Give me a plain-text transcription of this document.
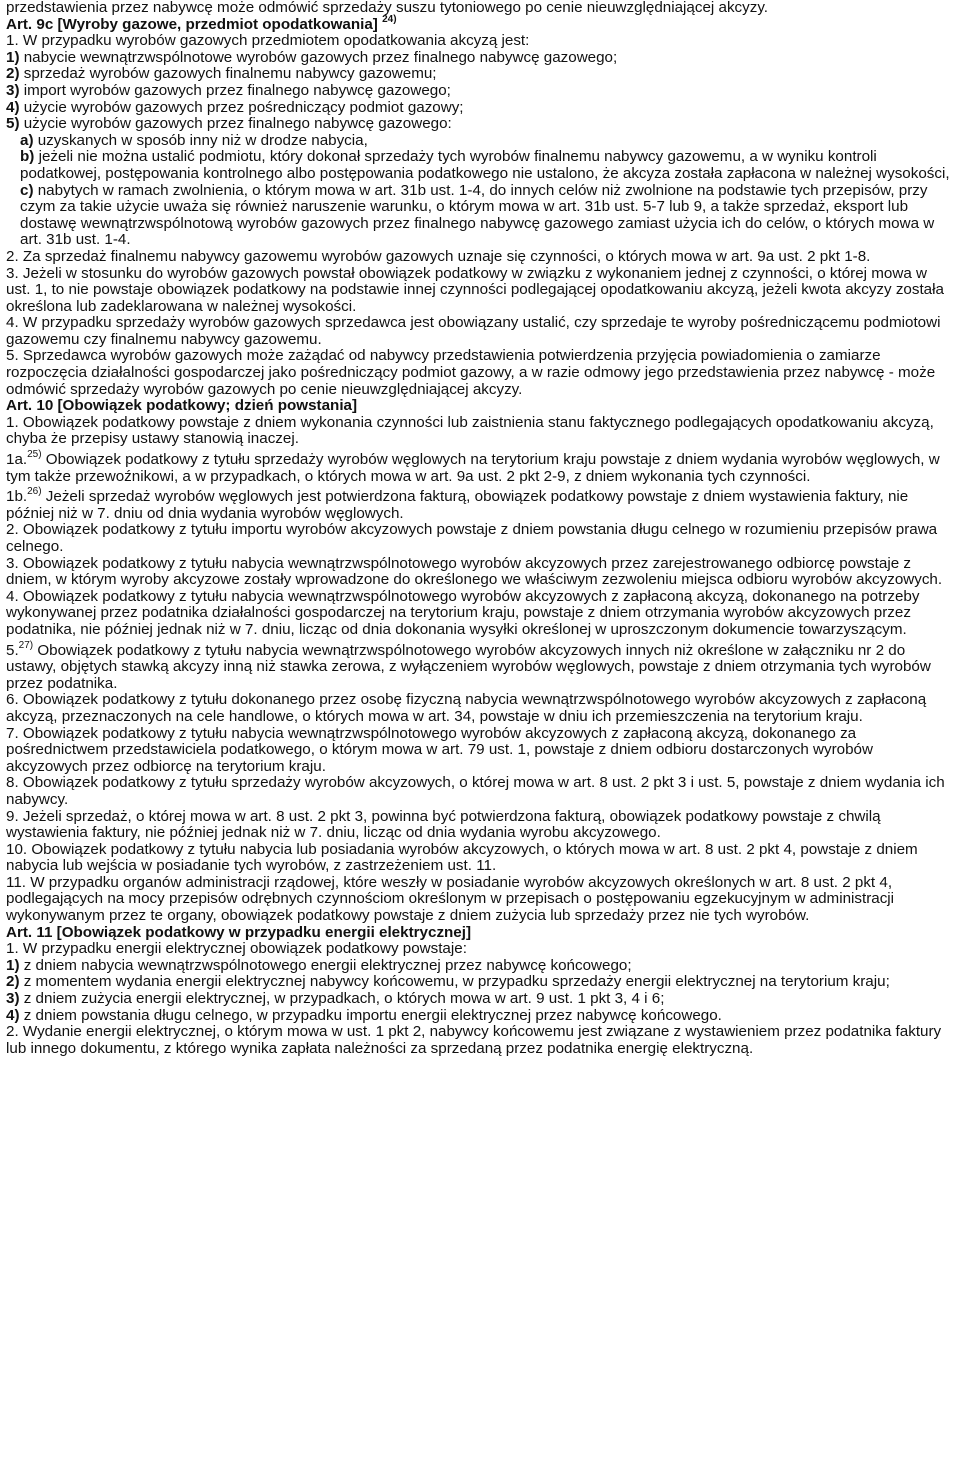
przedstawienia przez nabywcę może odmówić sprzedaży suszu tytoniowego po cenie nieuwzględniającej akcyzy.
Art. 9c [Wyroby gazowe, przedmiot opodatkowania] $^{24)}$
1. W przypadku wyrobów gazowych przedmiotem opodatkowania akcyzą jest:
1) nabycie wewnątrzwspólnotowe wyrobów gazowych przez finalnego nabywcę gazowego;
2) sprzedaż wyrobów gazowych finalnemu nabywcy gazowemu;
3) import wyrobów gazowych przez finalnego nabywcę gazowego;
4) użycie wyrobów gazowych przez pośredniczący podmiot gazowy;
5) użycie wyrobów gazowych przez finalnego nabywcę gazowego:
a) uzyskanych w sposób inny niż w drodze nabycia,
b) jeżeli nie można ustalić podmiotu, który dokonał sprzedaży tych wyrobów finalnemu nabywcy gazowemu, a w wyniku kontroli podatkowej, postępowania kontrolnego albo postępowania podatkowego nie ustalono, że akcyza została zapłacona w należnej wysokości,
c) nabytych w ramach zwolnienia, o którym mowa w art. 31b ust. 1-4, do innych celów niż zwolnione na podstawie tych przepisów, przy czym za takie użycie uważa się również naruszenie warunku, o którym mowa w art. 31b ust. 5-7 lub 9, a także sprzedaż, eksport lub dostawę wewnątrzwspólnotową wyrobów gazowych przez finalnego nabywcę gazowego zamiast użycia ich do celów, o których mowa w art. 31b ust. 1-4.
2. Za sprzedaż finalnemu nabywcy gazowemu wyrobów gazowych uznaje się czynności, o których mowa w art. 9a ust. 2 pkt 1-8.
3. Jeżeli w stosunku do wyrobów gazowych powstał obowiązek podatkowy w związku z wykonaniem jednej z czynności, o której mowa w ust. 1, to nie powstaje obowiązek podatkowy na podstawie innej czynności podlegającej opodatkowaniu akcyzą, jeżeli kwota akcyzy została określona lub zadeklarowana w należnej wysokości.
4. W przypadku sprzedaży wyrobów gazowych sprzedawca jest obowiązany ustalić, czy sprzedaje te wyroby pośredniczącemu podmiotowi gazowemu czy finalnemu nabywcy gazowemu.
5. Sprzedawca wyrobów gazowych może zażądać od nabywcy przedstawienia potwierdzenia przyjęcia powiadomienia o zamiarze rozpoczęcia działalności gospodarczej jako pośredniczący podmiot gazowy, a w razie odmowy jego przedstawienia przez nabywcę - może odmówić sprzedaży wyrobów gazowych po cenie nieuwzględniającej akcyzy.
Art. 10 [Obowiązek podatkowy; dzień powstania]
1. Obowiązek podatkowy powstaje z dniem wykonania czynności lub zaistnienia stanu faktycznego podlegających opodatkowaniu akcyzą, chyba że przepisy ustawy stanowią inaczej.
1a.$^{25)}$ Obowiązek podatkowy z tytułu sprzedaży wyrobów węglowych na terytorium kraju powstaje z dniem wydania wyrobów węglowych, w tym także przewoźnikowi, a w przypadkach, o których mowa w art. 9a ust. 2 pkt 2-9, z dniem wykonania tych czynności.
1b.$^{26)}$ Jeżeli sprzedaż wyrobów węglowych jest potwierdzona fakturą, obowiązek podatkowy powstaje z dniem wystawienia faktury, nie później niż w 7. dniu od dnia wydania wyrobów węglowych.
2. Obowiązek podatkowy z tytułu importu wyrobów akcyzowych powstaje z dniem powstania długu celnego w rozumieniu przepisów prawa celnego.
3. Obowiązek podatkowy z tytułu nabycia wewnątrzwspólnotowego wyrobów akcyzowych przez zarejestrowanego odbiorcę powstaje z dniem, w którym wyroby akcyzowe zostały wprowadzone do określonego we właściwym zezwoleniu miejsca odbioru wyrobów akcyzowych.
4. Obowiązek podatkowy z tytułu nabycia wewnątrzwspólnotowego wyrobów akcyzowych z zapłaconą akcyzą, dokonanego na potrzeby wykonywanej przez podatnika działalności gospodarczej na terytorium kraju, powstaje z dniem otrzymania wyrobów akcyzowych przez podatnika, nie później jednak niż w 7. dniu, licząc od dnia dokonania wysyłki określonej w uproszczonym dokumencie towarzyszącym.
5.$^{27)}$ Obowiązek podatkowy z tytułu nabycia wewnątrzwspólnotowego wyrobów akcyzowych innych niż określone w załączniku nr 2 do ustawy, objętych stawką akcyzy inną niż stawka zerowa, z wyłączeniem wyrobów węglowych, powstaje z dniem otrzymania tych wyrobów przez podatnika.
6. Obowiązek podatkowy z tytułu dokonanego przez osobę fizyczną nabycia wewnątrzwspólnotowego wyrobów akcyzowych z zapłaconą akcyzą, przeznaczonych na cele handlowe, o których mowa w art. 34, powstaje w dniu ich przemieszczenia na terytorium kraju.
7. Obowiązek podatkowy z tytułu nabycia wewnątrzwspólnotowego wyrobów akcyzowych z zapłaconą akcyzą, dokonanego za pośrednictwem przedstawiciela podatkowego, o którym mowa w art. 79 ust. 1, powstaje z dniem odbioru dostarczonych wyrobów akcyzowych przez odbiorcę na terytorium kraju.
8. Obowiązek podatkowy z tytułu sprzedaży wyrobów akcyzowych, o której mowa w art. 8 ust. 2 pkt 3 i ust. 5, powstaje z dniem wydania ich nabywcy.
9. Jeżeli sprzedaż, o której mowa w art. 8 ust. 2 pkt 3, powinna być potwierdzona fakturą, obowiązek podatkowy powstaje z chwilą wystawienia faktury, nie później jednak niż w 7. dniu, licząc od dnia wydania wyrobu akcyzowego.
10. Obowiązek podatkowy z tytułu nabycia lub posiadania wyrobów akcyzowych, o których mowa w art. 8 ust. 2 pkt 4, powstaje z dniem nabycia lub wejścia w posiadanie tych wyrobów, z zastrzeżeniem ust. 11.
11. W przypadku organów administracji rządowej, które weszły w posiadanie wyrobów akcyzowych określonych w art. 8 ust. 2 pkt 4, podlegających na mocy przepisów odrębnych czynnościom określonym w przepisach o postępowaniu egzekucyjnym w administracji wykonywanym przez te organy, obowiązek podatkowy powstaje z dniem zużycia lub sprzedaży przez nie tych wyrobów.
Art. 11 [Obowiązek podatkowy w przypadku energii elektrycznej]
1. W przypadku energii elektrycznej obowiązek podatkowy powstaje:
1) z dniem nabycia wewnątrzwspólnotowego energii elektrycznej przez nabywcę końcowego;
2) z momentem wydania energii elektrycznej nabywcy końcowemu, w przypadku sprzedaży energii elektrycznej na terytorium kraju;
3) z dniem zużycia energii elektrycznej, w przypadkach, o których mowa w art. 9 ust. 1 pkt 3, 4 i 6;
4) z dniem powstania długu celnego, w przypadku importu energii elektrycznej przez nabywcę końcowego.
2. Wydanie energii elektrycznej, o którym mowa w ust. 1 pkt 2, nabywcy końcowemu jest związane z wystawieniem przez podatnika faktury lub innego dokumentu, z którego wynika zapłata należności za sprzedaną przez podatnika energię elektryczną.
